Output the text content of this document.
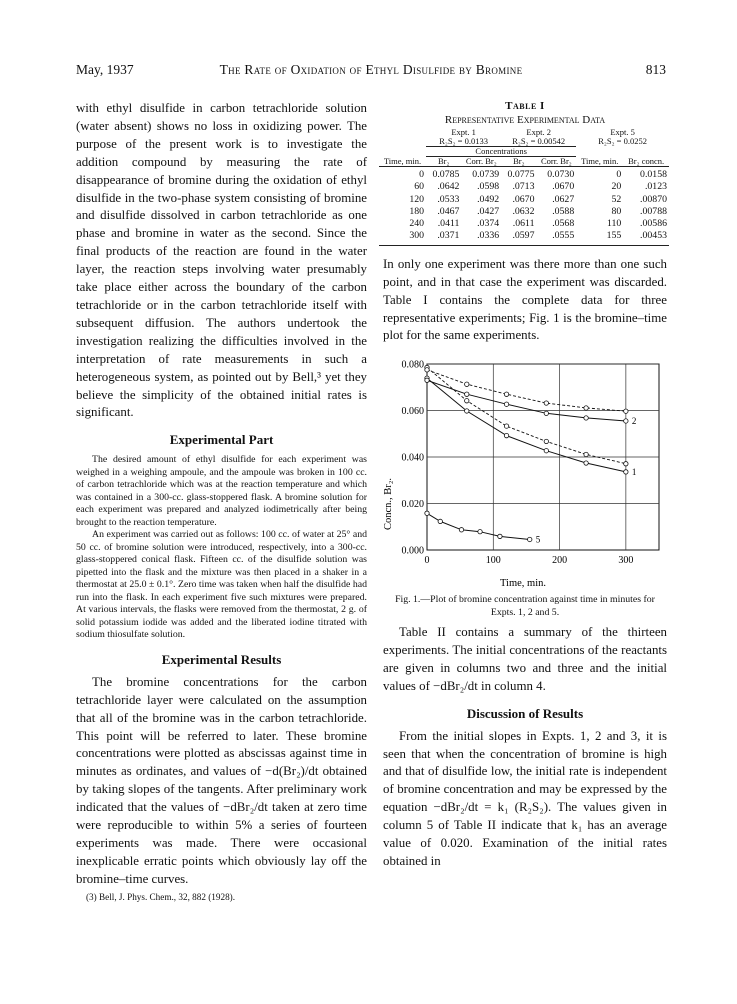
May, 1937	The Rate of Oxidation of Ethyl Disulfide by Bromine	813

with ethyl disulfide in carbon tetrachloride solution (water absent) shows no loss in oxidizing power. The purpose of the present work is to investigate the addition compound by measuring the rate of disappearance of bromine during the oxidation of ethyl disulfide in the two-phase system consisting of bromine and disulfide dissolved in carbon tetrachloride as one phase and bromine in water as the second. Since the final products of the reaction are found in the water layer, the reaction steps involving water presumably take place either across the boundary of the carbon tetrachloride or in the carbon tetrachloride itself with subsequent diffusion. The authors undertook the investigation realizing the difficulties involved in the interpretation of rate measurements in such a heterogeneous system, as pointed out by Bell,³ yet they believe the simplicity of the obtained initial rates is significant.

Experimental Part

The desired amount of ethyl disulfide for each experiment was weighed in a weighing ampoule, and the ampoule was broken in 100 cc. of carbon tetrachloride which was at the reaction temperature and which was contained in a 300-cc. glass-stoppered flask. A bromine solution for each experiment was prepared and analyzed iodimetrically after being brought to the reaction temperature.

An experiment was carried out as follows: 100 cc. of water at 25° and 50 cc. of bromine solution were introduced, respectively, into a 300-cc. glass-stoppered conical flask. Fifteen cc. of the disulfide solution was pipetted into the flask and the mixture was then placed in a shaker in a thermostat at 25.0 ± 0.1°. Zero time was taken when half the disulfide had run into the flask. In each experiment five such mixtures were prepared. At various intervals, the flasks were removed from the thermostat, 2 g. of solid potassium iodide was added and the liberated iodine titrated with sodium thiosulfate solution.

Experimental Results

The bromine concentrations for the carbon tetrachloride layer were calculated on the assumption that all of the bromine was in the carbon tetrachloride. This point will be referred to later. These bromine concentrations were plotted as abscissas against time in minutes as ordinates, and values of −d(Br₂)/dt obtained by taking slopes of the tangents. After preliminary work indicated that the values of −dBr₂/dt taken at zero time were reproducible to within 5% a series of fourteen experiments was made. There were occasional inexplicable erratic points which obviously lay off the bromine–time curves.

(3) Bell, J. Phys. Chem., 32, 882 (1928).

Table I
Representative Experimental Data
	Expt. 1
R₂S₂ = 0.0133		Expt. 2
R₂S₂ = 0.00542		Expt. 5
R₂S₂ = 0.0252	
	Concentrations					
Time, min.	Br₂	Corr. Br₂	Br₂	Corr. Br₂	Time, min.	Br₂ concn.
0	0.0785	0.0739	0.0775	0.0730	0	0.0158
60	.0642	.0598	.0713	.0670	20	.0123
120	.0533	.0492	.0670	.0627	52	.00870
180	.0467	.0427	.0632	.0588	80	.00788
240	.0411	.0374	.0611	.0568	110	.00586
300	.0371	.0336	.0597	.0555	155	.00453

In only one experiment was there more than one such point, and in that case the experiment was discarded. Table I contains the complete data for three representative experiments; Fig. 1 is the bromine–time plot for the same experiments.

0.000
0.020
0.040
0.060
0.080
0	100	200	300
1
2
5
Time, min.
Concn., Br₂.
Fig. 1.—Plot of bromine concentration against time in minutes for Expts. 1, 2 and 5.

Table II contains a summary of the thirteen experiments. The initial concentrations of the reactants are given in columns two and three and the initial values of −dBr₂/dt in column 4.

Discussion of Results

From the initial slopes in Expts. 1, 2 and 3, it is seen that when the concentration of bromine is high and that of disulfide low, the initial rate is independent of bromine concentration and may be expressed by the equation −dBr₂/dt = k₁ (R₂S₂). The values given in column 5 of Table II indicate that k₁ has an average value of 0.020. Examination of the initial rates obtained in
